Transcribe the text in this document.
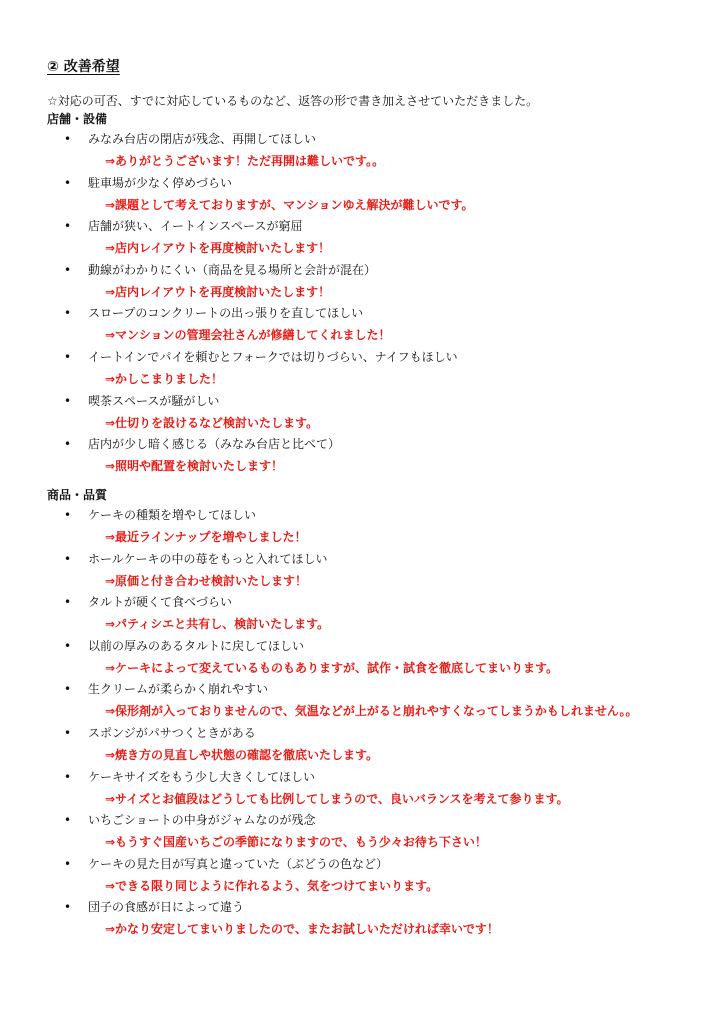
② 改善希望
☆対応の可否、すでに対応しているものなど、返答の形で書き加えさせていただきました。
店舗・設備
• みなみ台店の閉店が残念、再開してほしい
⇒ありがとうございます！ただ再開は難しいです。。
• 駐車場が少なく停めづらい
⇒課題として考えておりますが、マンションゆえ解決が難しいです。
• 店舗が狭い、イートインスペースが窮屈
⇒店内レイアウトを再度検討いたします！
• 動線がわかりにくい（商品を見る場所と会計が混在）
⇒店内レイアウトを再度検討いたします！
• スロープのコンクリートの出っ張りを直してほしい
⇒マンションの管理会社さんが修繕してくれました！
• イートインでパイを頼むとフォークでは切りづらい、ナイフもほしい
⇒かしこまりました！
• 喫茶スペースが騒がしい
⇒仕切りを設けるなど検討いたします。
• 店内が少し暗く感じる（みなみ台店と比べて）
⇒照明や配置を検討いたします！
商品・品質
• ケーキの種類を増やしてほしい
⇒最近ラインナップを増やしました！
• ホールケーキの中の苺をもっと入れてほしい
⇒原価と付き合わせ検討いたします！
• タルトが硬くて食べづらい
⇒パティシエと共有し、検討いたします。
• 以前の厚みのあるタルトに戻してほしい
⇒ケーキによって変えているものもありますが、試作・試食を徹底してまいります。
• 生クリームが柔らかく崩れやすい
⇒保形剤が入っておりませんので、気温などが上がると崩れやすくなってしまうかもしれません。。
• スポンジがパサつくときがある
⇒焼き方の見直しや状態の確認を徹底いたします。
• ケーキサイズをもう少し大きくしてほしい
⇒サイズとお値段はどうしても比例してしまうので、良いバランスを考えて参ります。
• いちごショートの中身がジャムなのが残念
⇒もうすぐ国産いちごの季節になりますので、もう少々お待ち下さい！
• ケーキの見た目が写真と違っていた（ぶどうの色など）
⇒できる限り同じように作れるよう、気をつけてまいります。
• 団子の食感が日によって違う
⇒かなり安定してまいりましたので、またお試しいただければ幸いです！
